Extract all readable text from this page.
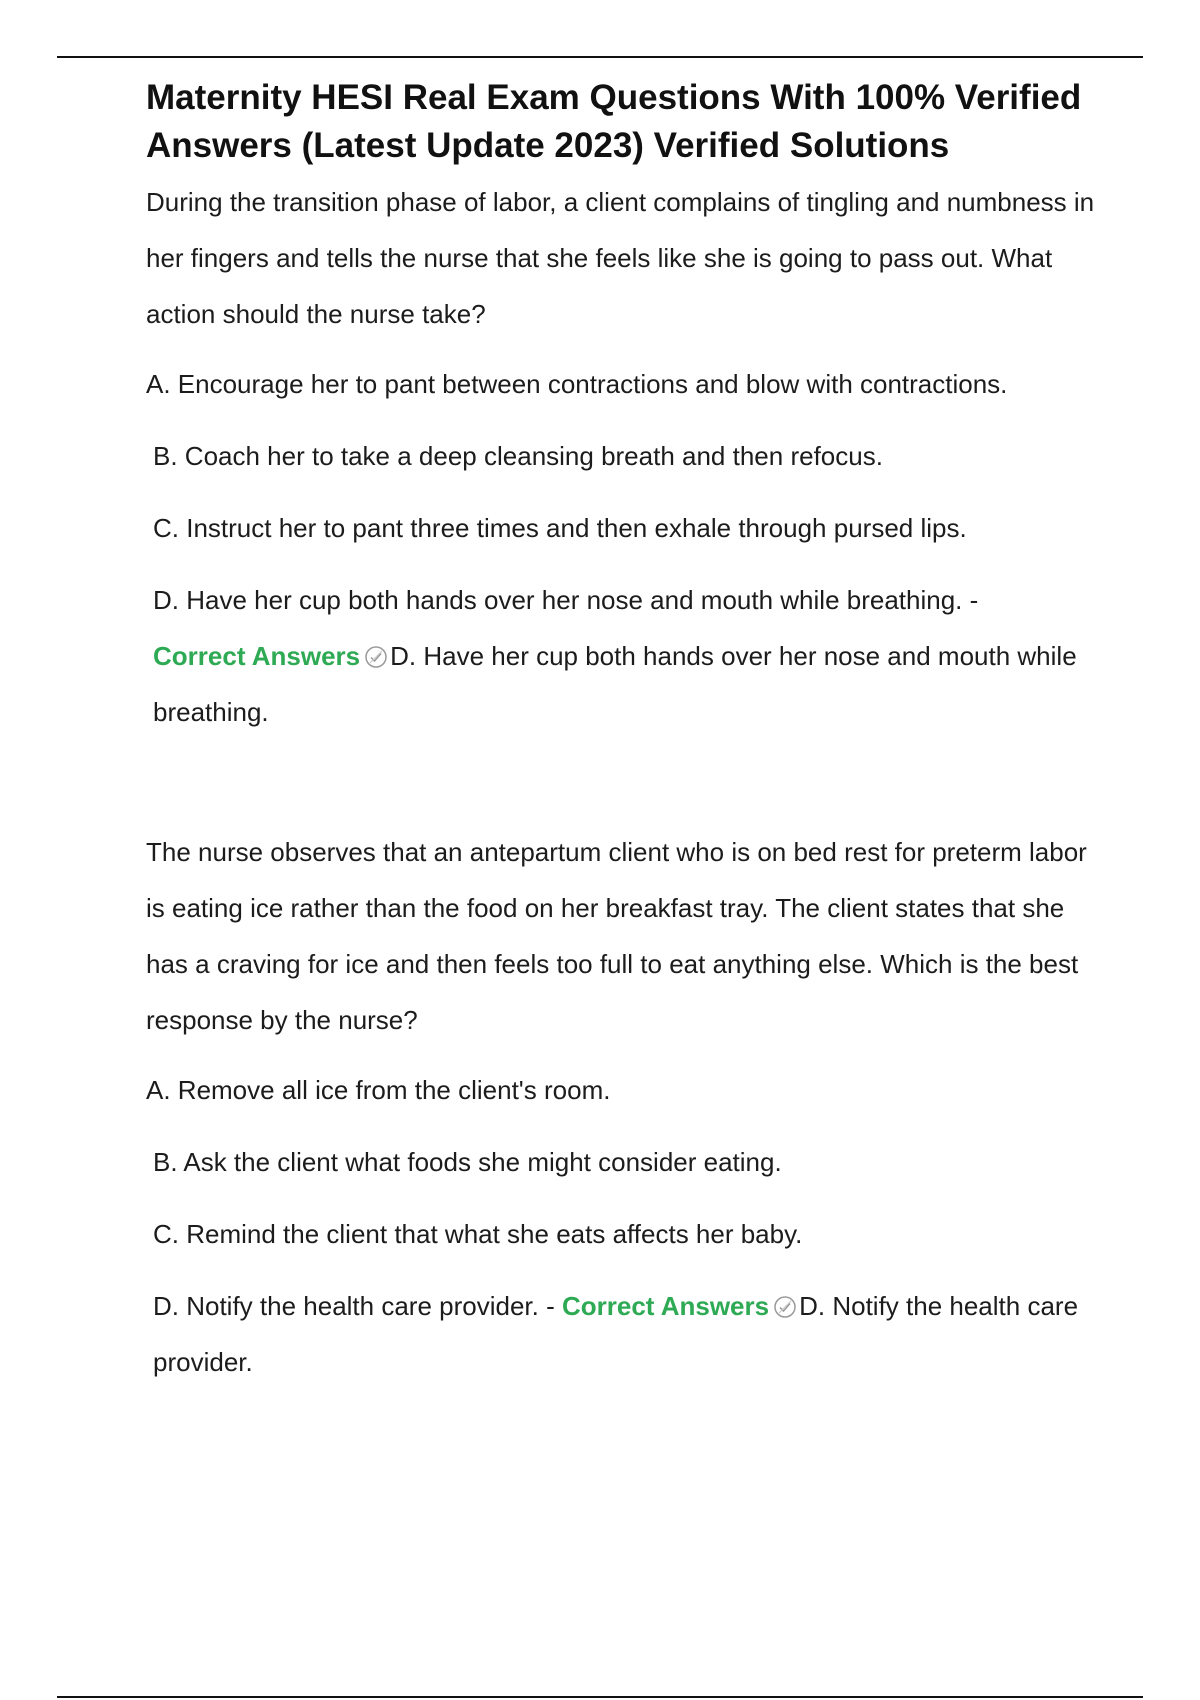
Maternity HESI Real Exam Questions With 100% Verified Answers (Latest Update 2023) Verified Solutions

During the transition phase of labor, a client complains of tingling and numbness in her fingers and tells the nurse that she feels like she is going to pass out. What action should the nurse take?

A. Encourage her to pant between contractions and blow with contractions.

B. Coach her to take a deep cleansing breath and then refocus.

C. Instruct her to pant three times and then exhale through pursed lips.

D. Have her cup both hands over her nose and mouth while breathing. -
Correct Answers D. Have her cup both hands over her nose and mouth while breathing.

The nurse observes that an antepartum client who is on bed rest for preterm labor is eating ice rather than the food on her breakfast tray. The client states that she has a craving for ice and then feels too full to eat anything else. Which is the best response by the nurse?

A. Remove all ice from the client's room.

B. Ask the client what foods she might consider eating.

C. Remind the client that what she eats affects her baby.

D. Notify the health care provider. - Correct Answers D. Notify the health care provider.
